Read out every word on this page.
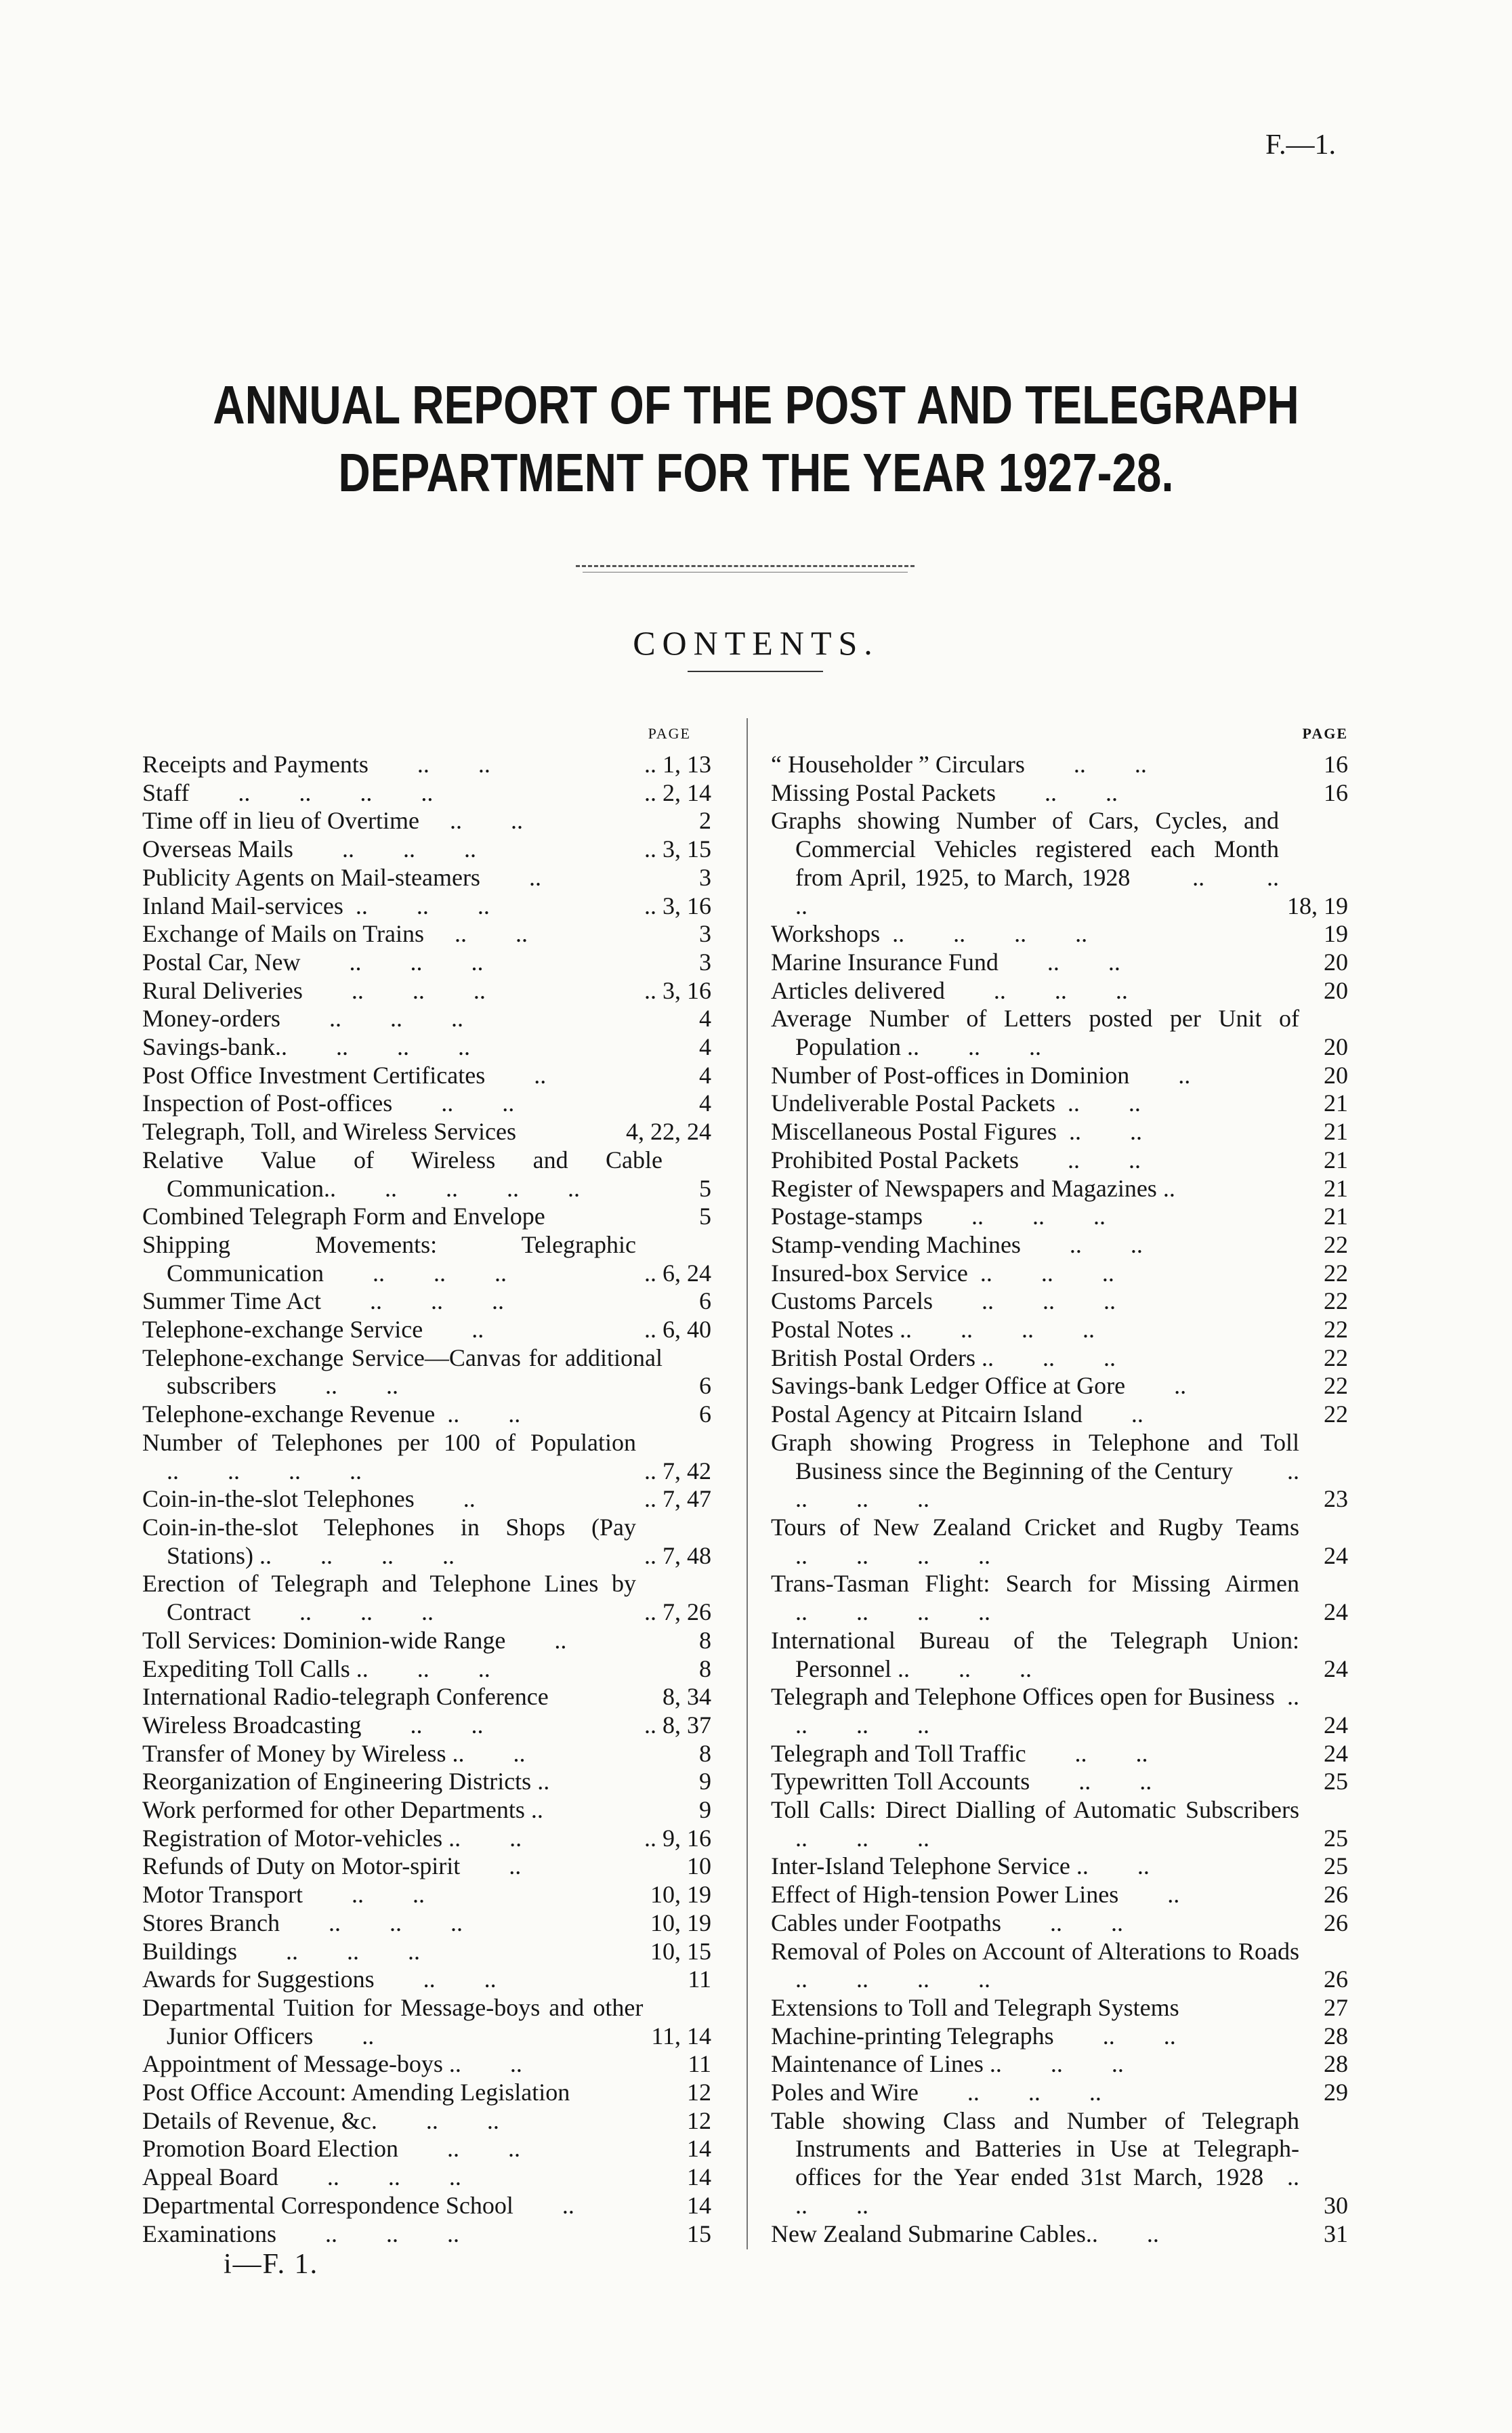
F.—1.
ANNUAL REPORT OF THE POST AND TELEGRAPH
DEPARTMENT FOR THE YEAR 1927-28.
CONTENTS.
PAGE
Receipts and Payments        ..        ..	.. 1, 13
Staff        ..        ..        ..        ..	.. 2, 14
Time off in lieu of Overtime     ..        ..	2
Overseas Mails        ..        ..        ..	.. 3, 15
Publicity Agents on Mail-steamers        ..	3
Inland Mail-services  ..        ..        ..	.. 3, 16
Exchange of Mails on Trains     ..        ..	3
Postal Car, New        ..        ..        ..	3
Rural Deliveries        ..        ..        ..	.. 3, 16
Money-orders        ..        ..        ..	4
Savings-bank..        ..        ..        ..	4
Post Office Investment Certificates        ..	4
Inspection of Post-offices        ..        ..	4
Telegraph, Toll, and Wireless Services	4, 22, 24
Relative Value of Wireless and Cable Communication..        ..        ..        ..        ..	5
Combined Telegraph Form and Envelope	5
Shipping Movements: Telegraphic Communication        ..        ..        ..	.. 6, 24
Summer Time Act        ..        ..        ..	6
Telephone-exchange Service        ..	.. 6, 40
Telephone-exchange Service—Canvas for additional subscribers        ..        ..	6
Telephone-exchange Revenue  ..        ..	6
Number of Telephones per 100 of Population        ..        ..        ..        ..	.. 7, 42
Coin-in-the-slot Telephones        ..	.. 7, 47
Coin-in-the-slot Telephones in Shops (Pay Stations) ..        ..        ..        ..	.. 7, 48
Erection of Telegraph and Telephone Lines by Contract        ..        ..        ..	.. 7, 26
Toll Services: Dominion-wide Range        ..	8
Expediting Toll Calls ..        ..        ..	8
International Radio-telegraph Conference	8, 34
Wireless Broadcasting        ..        ..	.. 8, 37
Transfer of Money by Wireless ..        ..	8
Reorganization of Engineering Districts ..	9
Work performed for other Departments ..	9
Registration of Motor-vehicles ..        ..	.. 9, 16
Refunds of Duty on Motor-spirit        ..	10
Motor Transport        ..        ..	10, 19
Stores Branch        ..        ..        ..	10, 19
Buildings        ..        ..        ..	10, 15
Awards for Suggestions        ..        ..	11
Departmental Tuition for Message-boys and other Junior Officers        ..	11, 14
Appointment of Message-boys ..        ..	11
Post Office Account: Amending Legislation	12
Details of Revenue, &c.        ..        ..	12
Promotion Board Election        ..        ..	14
Appeal Board        ..        ..        ..	14
Departmental Correspondence School        ..	14
Examinations        ..        ..        ..	15
PAGE
“ Householder ” Circulars        ..        ..	16
Missing Postal Packets        ..        ..	16
Graphs showing Number of Cars, Cycles, and Commercial Vehicles registered each Month from April, 1925, to March, 1928        ..        ..        ..	18, 19
Workshops  ..        ..        ..        ..	19
Marine Insurance Fund        ..        ..	20
Articles delivered        ..        ..        ..	20
Average Number of Letters posted per Unit of Population ..        ..        ..	20
Number of Post-offices in Dominion        ..	20
Undeliverable Postal Packets  ..        ..	21
Miscellaneous Postal Figures  ..        ..	21
Prohibited Postal Packets        ..        ..	21
Register of Newspapers and Magazines ..	21
Postage-stamps        ..        ..        ..	21
Stamp-vending Machines        ..        ..	22
Insured-box Service  ..        ..        ..	22
Customs Parcels        ..        ..        ..	22
Postal Notes ..        ..        ..        ..	22
British Postal Orders ..        ..        ..	22
Savings-bank Ledger Office at Gore        ..	22
Postal Agency at Pitcairn Island        ..	22
Graph showing Progress in Telephone and Toll Business since the Beginning of the Century        ..        ..        ..        ..	23
Tours of New Zealand Cricket and Rugby Teams        ..        ..        ..        ..	24
Trans-Tasman Flight: Search for Missing Airmen        ..        ..        ..        ..	24
International Bureau of the Telegraph Union: Personnel ..        ..        ..	24
Telegraph and Telephone Offices open for Business  ..        ..        ..        ..	24
Telegraph and Toll Traffic        ..        ..	24
Typewritten Toll Accounts        ..        ..	25
Toll Calls: Direct Dialling of Automatic Subscribers        ..        ..        ..	25
Inter-Island Telephone Service ..        ..	25
Effect of High-tension Power Lines        ..	26
Cables under Footpaths        ..        ..	26
Removal of Poles on Account of Alterations to Roads  ..        ..        ..        ..	26
Extensions to Toll and Telegraph Systems	27
Machine-printing Telegraphs        ..        ..	28
Maintenance of Lines ..        ..        ..	28
Poles and Wire        ..        ..        ..	29
Table showing Class and Number of Telegraph Instruments and Batteries in Use at Telegraph-offices for the Year ended 31st March, 1928  ..        ..        ..	30
New Zealand Submarine Cables..        ..	31
i—F. 1.
